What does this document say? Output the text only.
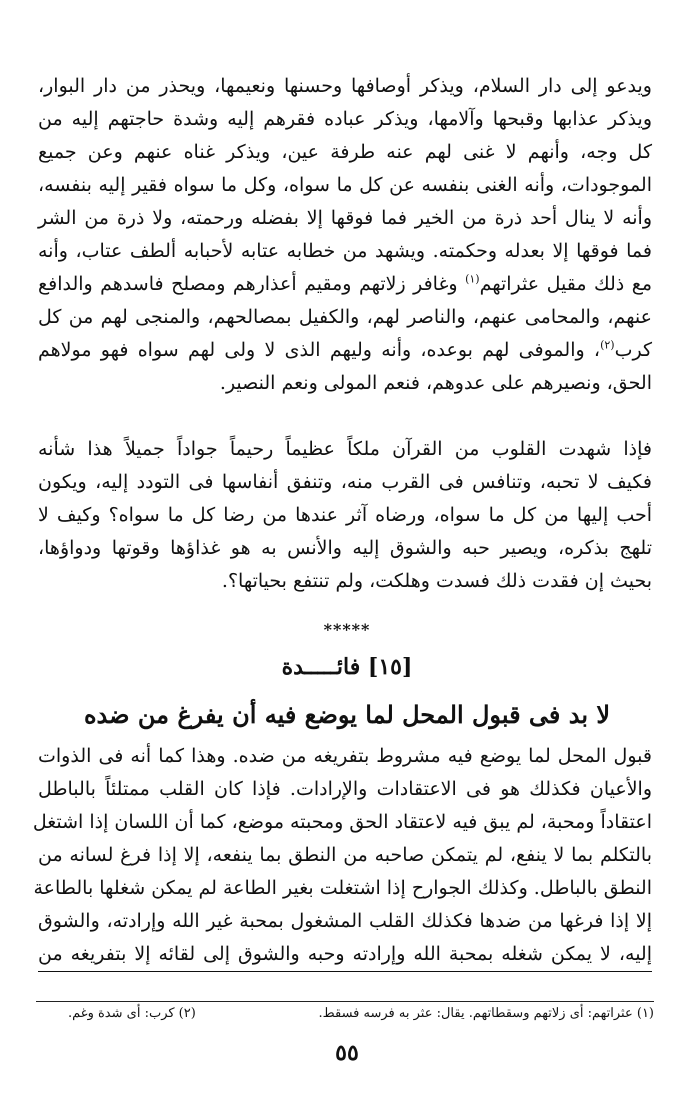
ويدعو إلى دار السلام، ويذكر أوصافها وحسنها ونعيمها، ويحذر من دار البوار،
ويذكر عذابها وقبحها وآلامها، ويذكر عباده فقرهم إليه وشدة حاجتهم إليه من
كل وجه، وأنهم لا غنى لهم عنه طرفة عين، ويذكر غناه عنهم وعن جميع
الموجودات، وأنه الغنى بنفسه عن كل ما سواه، وكل ما سواه فقير إليه بنفسه،
وأنه لا ينال أحد ذرة من الخير فما فوقها إلا بفضله ورحمته، ولا ذرة من الشر
فما فوقها إلا بعدله وحكمته. ويشهد من خطابه عتابه لأحبابه ألطف عتاب، وأنه
مع ذلك مقيل عثراتهم$^{(١)}$ وغافر زلاتهم ومقيم أعذارهم ومصلح فاسدهم والدافع
عنهم، والمحامى عنهم، والناصر لهم، والكفيل بمصالحهم، والمنجى لهم من كل
كرب$^{(٢)}$، والموفى لهم بوعده، وأنه وليهم الذى لا ولى لهم سواه فهو مولاهم
الحق، ونصيرهم على عدوهم، فنعم المولى ونعم النصير.
فإذا شهدت القلوب من القرآن ملكاً عظيماً رحيماً جواداً جميلاً هذا شأنه
فكيف لا تحبه، وتنافس فى القرب منه، وتنفق أنفاسها فى التودد إليه، ويكون
أحب إليها من كل ما سواه، ورضاه آثر عندها من رضا كل ما سواه؟ وكيف لا
تلهج بذكره، ويصير حبه والشوق إليه والأنس به هو غذاؤها وقوتها ودواؤها،
بحيث إن فقدت ذلك فسدت وهلكت، ولم تنتفع بحياتها؟.
*****
[١٥] فائـــــدة
لا بد فى قبول المحل لما يوضع فيه أن يفرغ من ضده
قبول المحل لما يوضع فيه مشروط بتفريغه من ضده. وهذا كما أنه فى الذوات
والأعيان فكذلك هو فى الاعتقادات والإرادات. فإذا كان القلب ممتلئاً بالباطل
اعتقاداً ومحبة، لم يبق فيه لاعتقاد الحق ومحبته موضع، كما أن اللسان إذا اشتغل
بالتكلم بما لا ينفع، لم يتمكن صاحبه من النطق بما ينفعه، إلا إذا فرغ لسانه من
النطق بالباطل. وكذلك الجوارح إذا اشتغلت بغير الطاعة لم يمكن شغلها بالطاعة
إلا إذا فرغها من ضدها فكذلك القلب المشغول بمحبة غير الله وإرادته، والشوق
إليه، لا يمكن شغله بمحبة الله وإرادته وحبه والشوق إلى لقائه إلا بتفريغه من
(١) عثراتهم: أى زلاتهم وسقطاتهم. يقال: عثر به فرسه فسقط.
(٢) كرب: أى شدة وغم.
٥٥
